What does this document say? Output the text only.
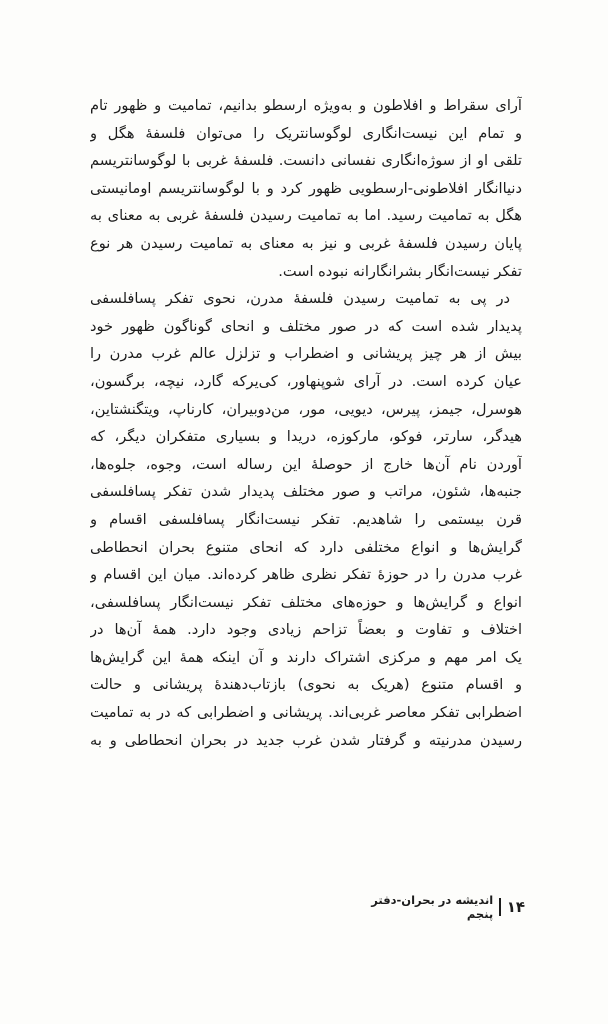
آرای سقراط و افلاطون و به‌ویژه ارسطو بدانیم، تمامیت و ظهور تام
و تمام این نیست‌انگاری لوگوسانتریک را می‌توان فلسفهٔ هگل و
تلقی او از سوژه‌انگاری نفسانی دانست. فلسفهٔ غربی با لوگوسانتریسم
دنیاانگار افلاطونی-ارسطویی ظهور کرد و با لوگوسانتریسم اومانیستی
هگل به تمامیت رسید. اما به تمامیت رسیدن فلسفهٔ غربی به معنای به
پایان رسیدن فلسفهٔ غربی و نیز به معنای به تمامیت رسیدن هر نوع
تفکر نیست‌انگار بشرانگارانه نبوده است.
در پی به تمامیت رسیدن فلسفهٔ مدرن، نحوی تفکر پسافلسفی
پدیدار شده است که در صور مختلف و انحای گوناگون ظهور خود
بیش از هر چیز پریشانی و اضطراب و تزلزل عالم غرب مدرن را
عیان کرده است. در آرای شوپنهاور، کی‌یرکه گارد، نیچه، برگسون،
هوسرل، جیمز، پیرس، دیویی، مور، من‌دوبیران، کارناپ، ویتگنشتاین،
هیدگر، سارتر، فوکو، مارکوزه، دریدا و بسیاری متفکران دیگر، که
آوردن نام آن‌ها خارج از حوصلهٔ این رساله است، وجوه، جلوه‌ها،
جنبه‌ها، شئون، مراتب و صور مختلف پدیدار شدن تفکر پسافلسفی
قرن بیستمی را شاهدیم. تفکر نیست‌انگار پسافلسفی اقسام و
گرایش‌ها و انواع مختلفی دارد که انحای متنوع بحران انحطاطی
غرب مدرن را در حوزهٔ تفکر نظری ظاهر کرده‌اند. میان این اقسام و
انواع و گرایش‌ها و حوزه‌های مختلف تفکر نیست‌انگار پسافلسفی،
اختلاف و تفاوت و بعضاً تزاحم زیادی وجود دارد. همهٔ آن‌ها در
یک امر مهم و مرکزی اشتراک دارند و آن اینکه همهٔ این گرایش‌ها
و اقسام متنوع (هریک به نحوی) بازتاب‌دهندهٔ پریشانی و حالت
اضطرابی تفکر معاصر غربی‌اند. پریشانی و اضطرابی که در به تمامیت
رسیدن مدرنیته و گرفتار شدن غرب جدید در بحران انحطاطی و به
۱۴
اندیشه در بحران-دفتر پنجم
